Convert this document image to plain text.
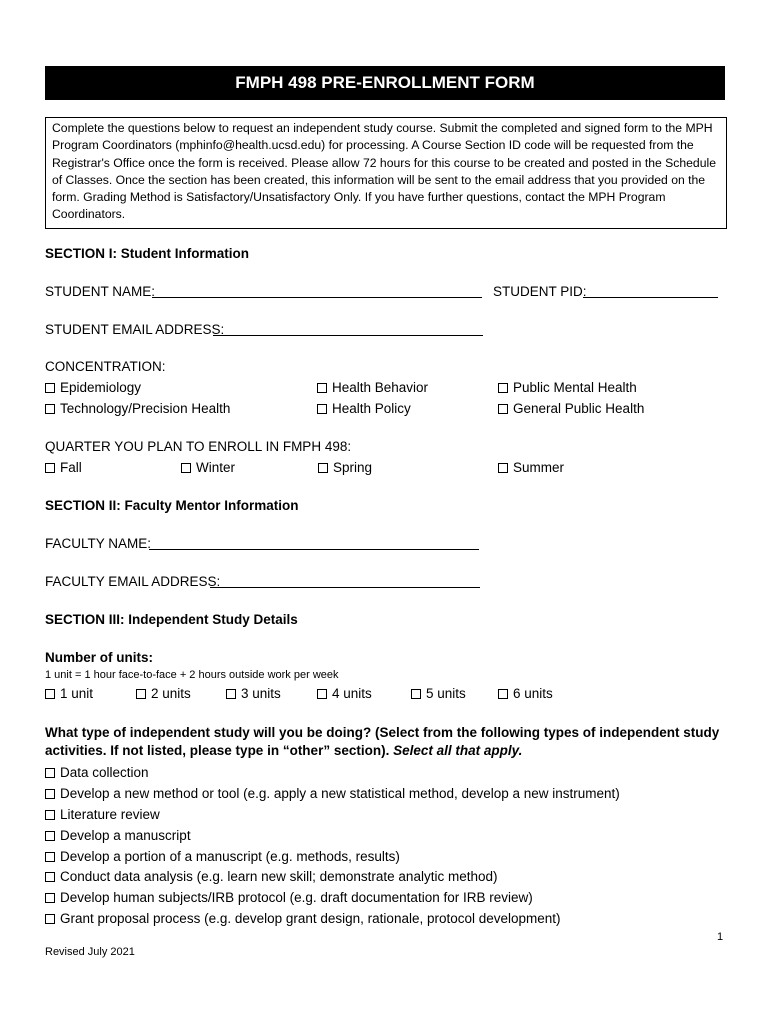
FMPH 498 PRE-ENROLLMENT FORM
Complete the questions below to request an independent study course. Submit the completed and signed form to the MPH Program Coordinators (mphinfo@health.ucsd.edu) for processing. A Course Section ID code will be requested from the Registrar's Office once the form is received. Please allow 72 hours for this course to be created and posted in the Schedule of Classes. Once the section has been created, this information will be sent to the email address that you provided on the form. Grading Method is Satisfactory/Unsatisfactory Only. If you have further questions, contact the MPH Program Coordinators.
SECTION I: Student Information
STUDENT NAME:	STUDENT PID:
STUDENT EMAIL ADDRESS:
CONCENTRATION:
Epidemiology	Health Behavior	Public Mental Health
Technology/Precision Health	Health Policy	General Public Health
QUARTER YOU PLAN TO ENROLL IN FMPH 498:
Fall	Winter	Spring	Summer
SECTION II: Faculty Mentor Information
FACULTY NAME:
FACULTY EMAIL ADDRESS:
SECTION III: Independent Study Details
Number of units:
1 unit = 1 hour face-to-face + 2 hours outside work per week
1 unit	2 units	3 units	4 units	5 units	6 units
What type of independent study will you be doing? (Select from the following types of independent study activities. If not listed, please type in “other” section). Select all that apply.
Data collection
Develop a new method or tool (e.g. apply a new statistical method, develop a new instrument)
Literature review
Develop a manuscript
Develop a portion of a manuscript (e.g. methods, results)
Conduct data analysis (e.g. learn new skill; demonstrate analytic method)
Develop human subjects/IRB protocol (e.g. draft documentation for IRB review)
Grant proposal process (e.g. develop grant design, rationale, protocol development)
1
Revised July 2021
